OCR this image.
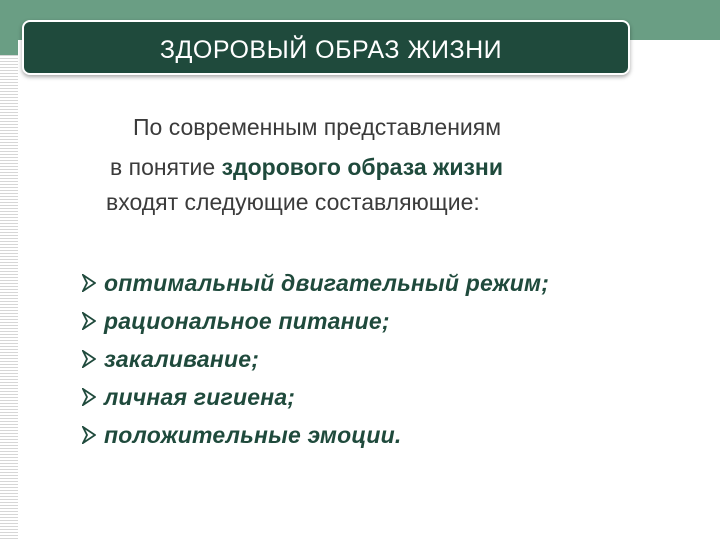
ЗДОРОВЫЙ ОБРАЗ ЖИЗНИ
По современным представлениям
в понятие здорового образа жизни
входят следующие составляющие:
оптимальный двигательный режим;
рациональное питание;
закаливание;
личная гигиена;
положительные эмоции.
